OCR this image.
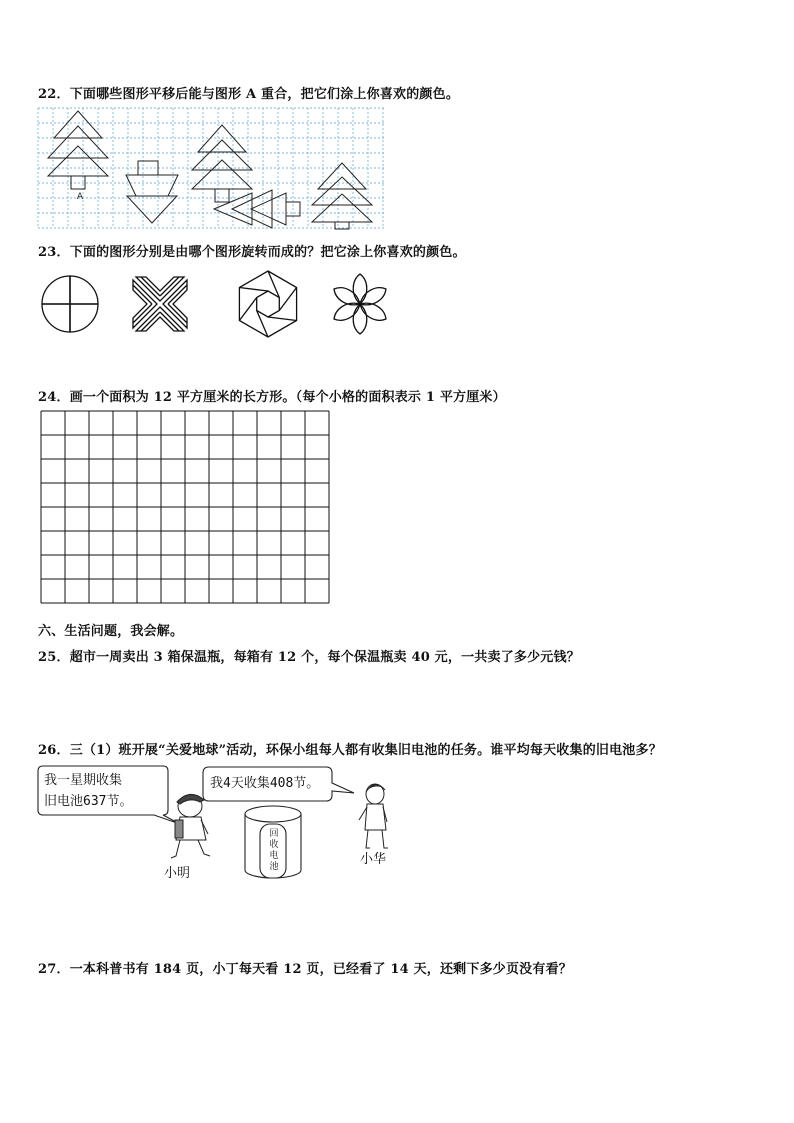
22．下面哪些图形平移后能与图形 A 重合，把它们涂上你喜欢的颜色。
A
23．下面的图形分别是由哪个图形旋转而成的？把它涂上你喜欢的颜色。
24．画一个面积为 12 平方厘米的长方形。（每个小格的面积表示 1 平方厘米）
六、生活问题，我会解。
25．超市一周卖出 3 箱保温瓶，每箱有 12 个，每个保温瓶卖 40 元，一共卖了多少元钱？
26．三（1）班开展“关爱地球”活动，环保小组每人都有收集旧电池的任务。谁平均每天收集的旧电池多？
我一星期收集
旧电池637节。
我4天收集408节。
回
收
电
池
小明
小华
27．一本科普书有 184 页，小丁每天看 12 页，已经看了 14 天，还剩下多少页没有看？
